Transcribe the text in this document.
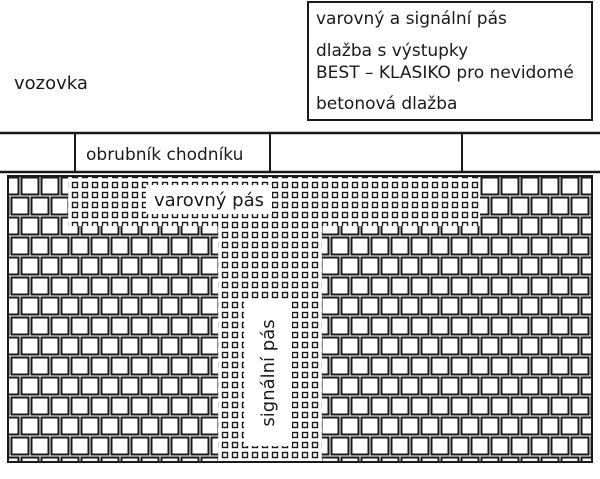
varovný a signální pás
dlažba s výstupky
BEST – KLASIKO pro nevidomé
betonová dlažba
vozovka
obrubník chodníku
varovný pás
signální pás
